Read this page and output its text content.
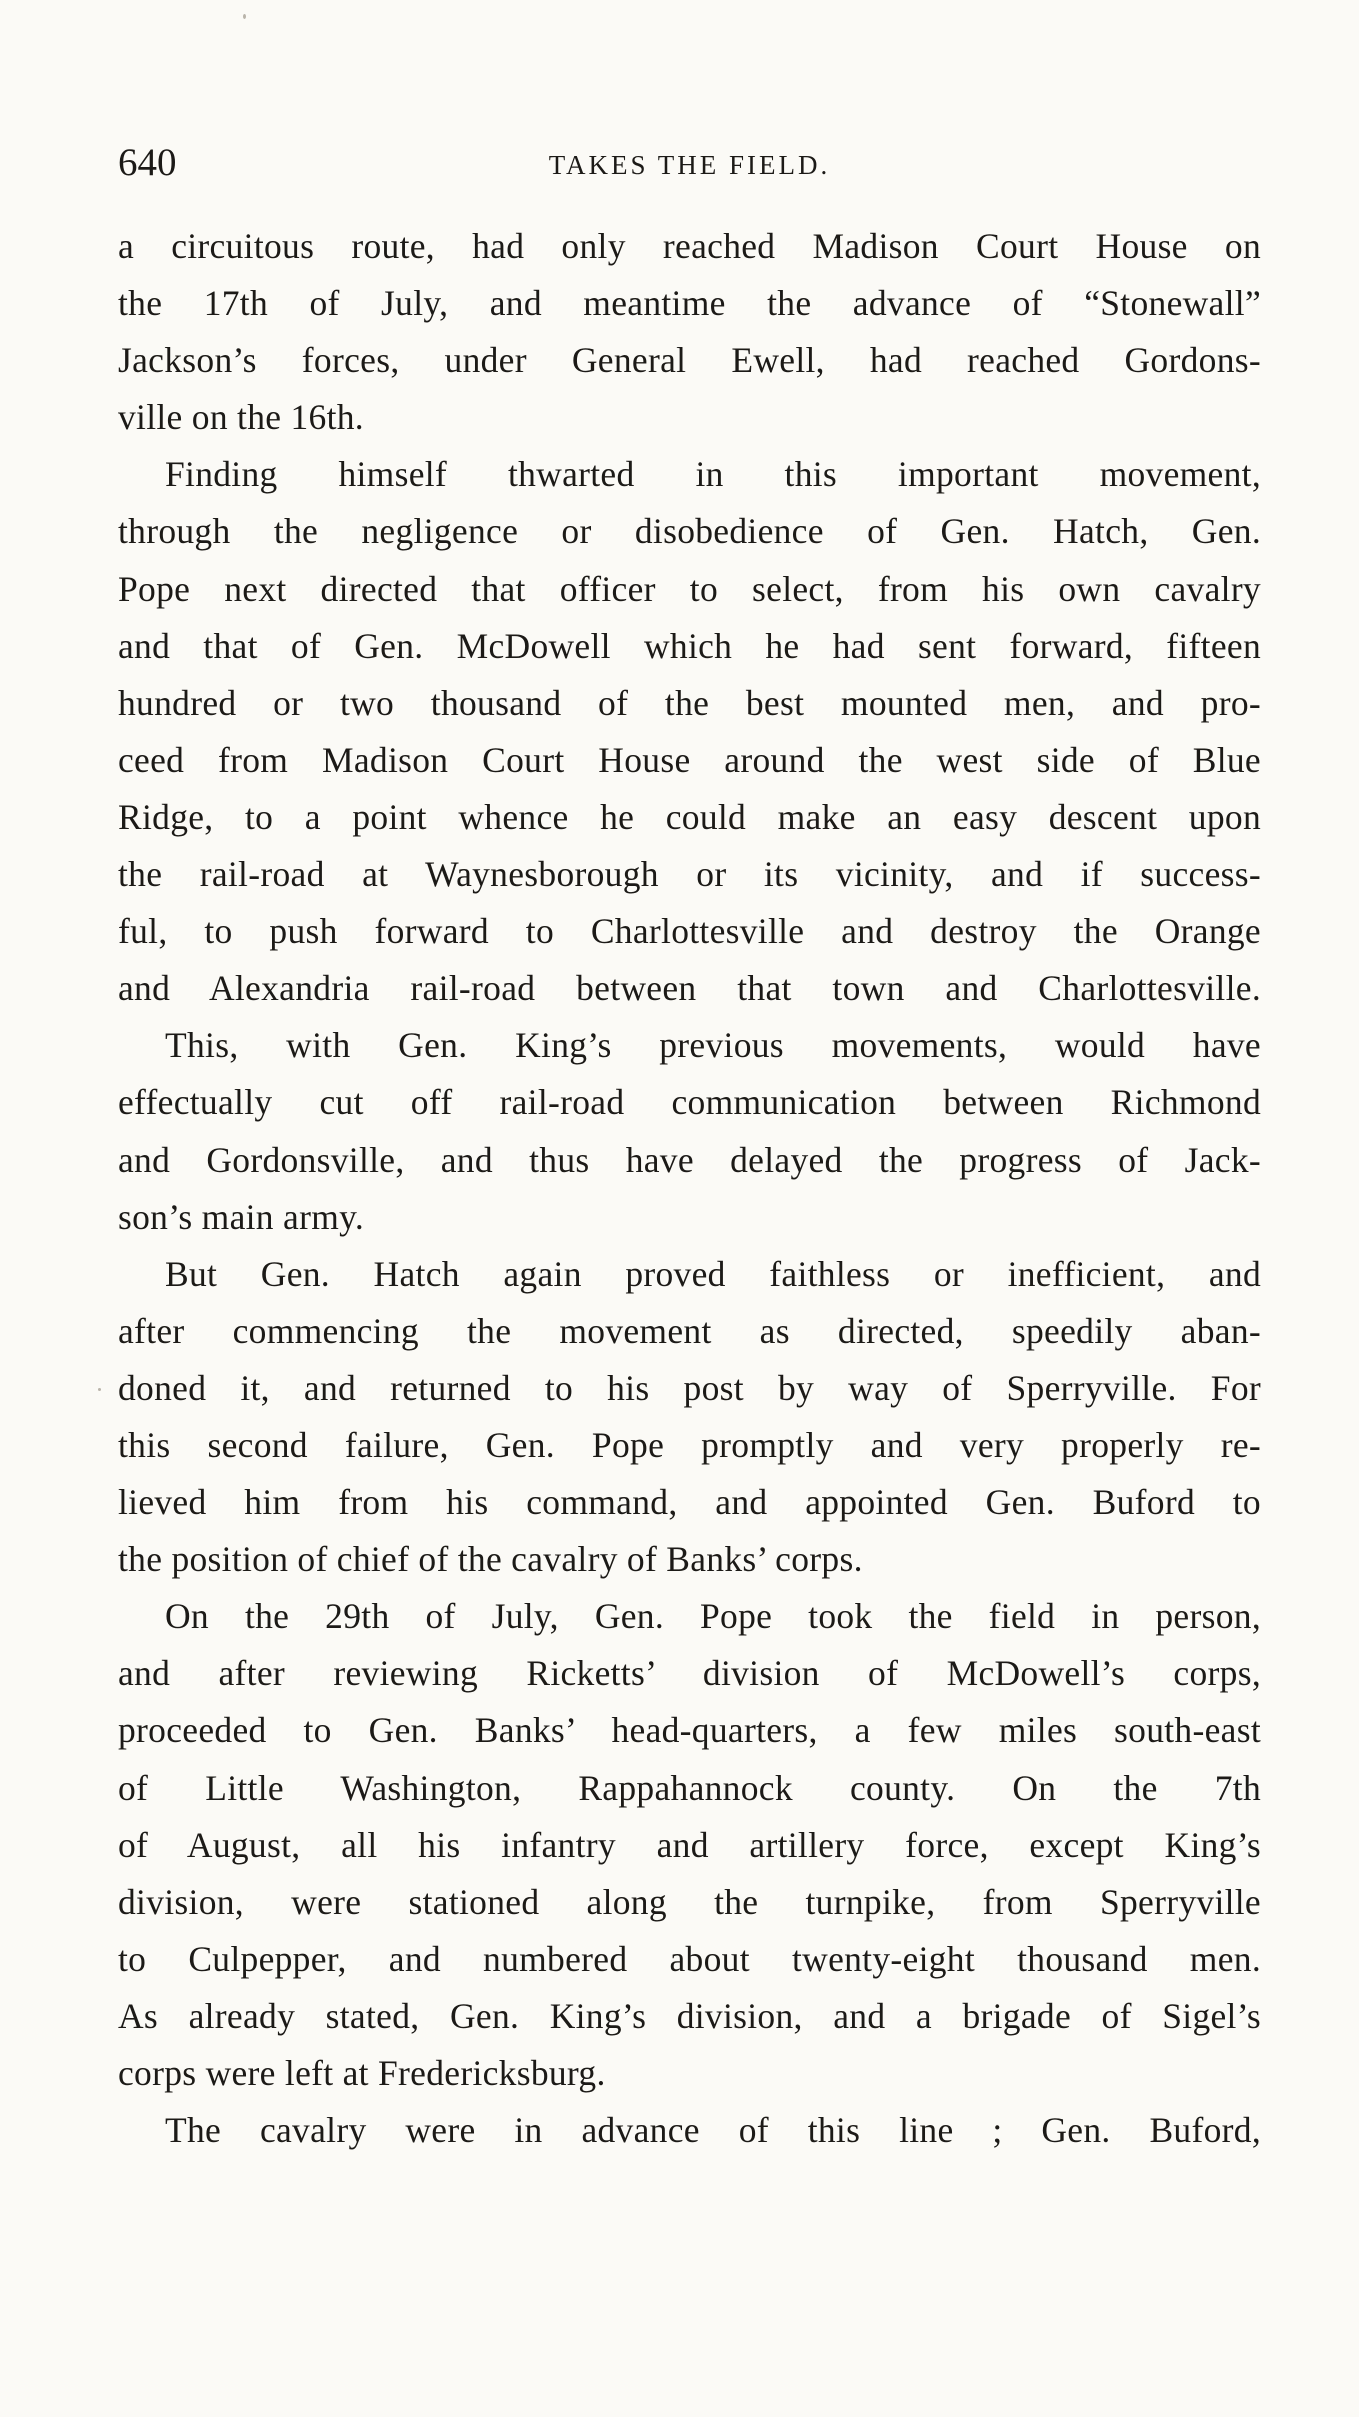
640	TAKES THE FIELD.
a circuitous route, had only reached Madison Court House on
the 17th of July, and meantime the advance of “Stonewall”
Jackson’s forces, under General Ewell, had reached Gordons-
ville on the 16th.
Finding himself thwarted in this important movement,
through the negligence or disobedience of Gen. Hatch, Gen.
Pope next directed that officer to select, from his own cavalry
and that of Gen. McDowell which he had sent forward, fifteen
hundred or two thousand of the best mounted men, and pro-
ceed from Madison Court House around the west side of Blue
Ridge, to a point whence he could make an easy descent upon
the rail-road at Waynesborough or its vicinity, and if success-
ful, to push forward to Charlottesville and destroy the Orange
and Alexandria rail-road between that town and Charlottesville.
This, with Gen. King’s previous movements, would have
effectually cut off rail-road communication between Richmond
and Gordonsville, and thus have delayed the progress of Jack-
son’s main army.
But Gen. Hatch again proved faithless or inefficient, and
after commencing the movement as directed, speedily aban-
doned it, and returned to his post by way of Sperryville. For
this second failure, Gen. Pope promptly and very properly re-
lieved him from his command, and appointed Gen. Buford to
the position of chief of the cavalry of Banks’ corps.
On the 29th of July, Gen. Pope took the field in person,
and after reviewing Ricketts’ division of McDowell’s corps,
proceeded to Gen. Banks’ head-quarters, a few miles south-east
of Little Washington, Rappahannock county. On the 7th
of August, all his infantry and artillery force, except King’s
division, were stationed along the turnpike, from Sperryville
to Culpepper, and numbered about twenty-eight thousand men.
As already stated, Gen. King’s division, and a brigade of Sigel’s
corps were left at Fredericksburg.
The cavalry were in advance of this line ; Gen. Buford,
